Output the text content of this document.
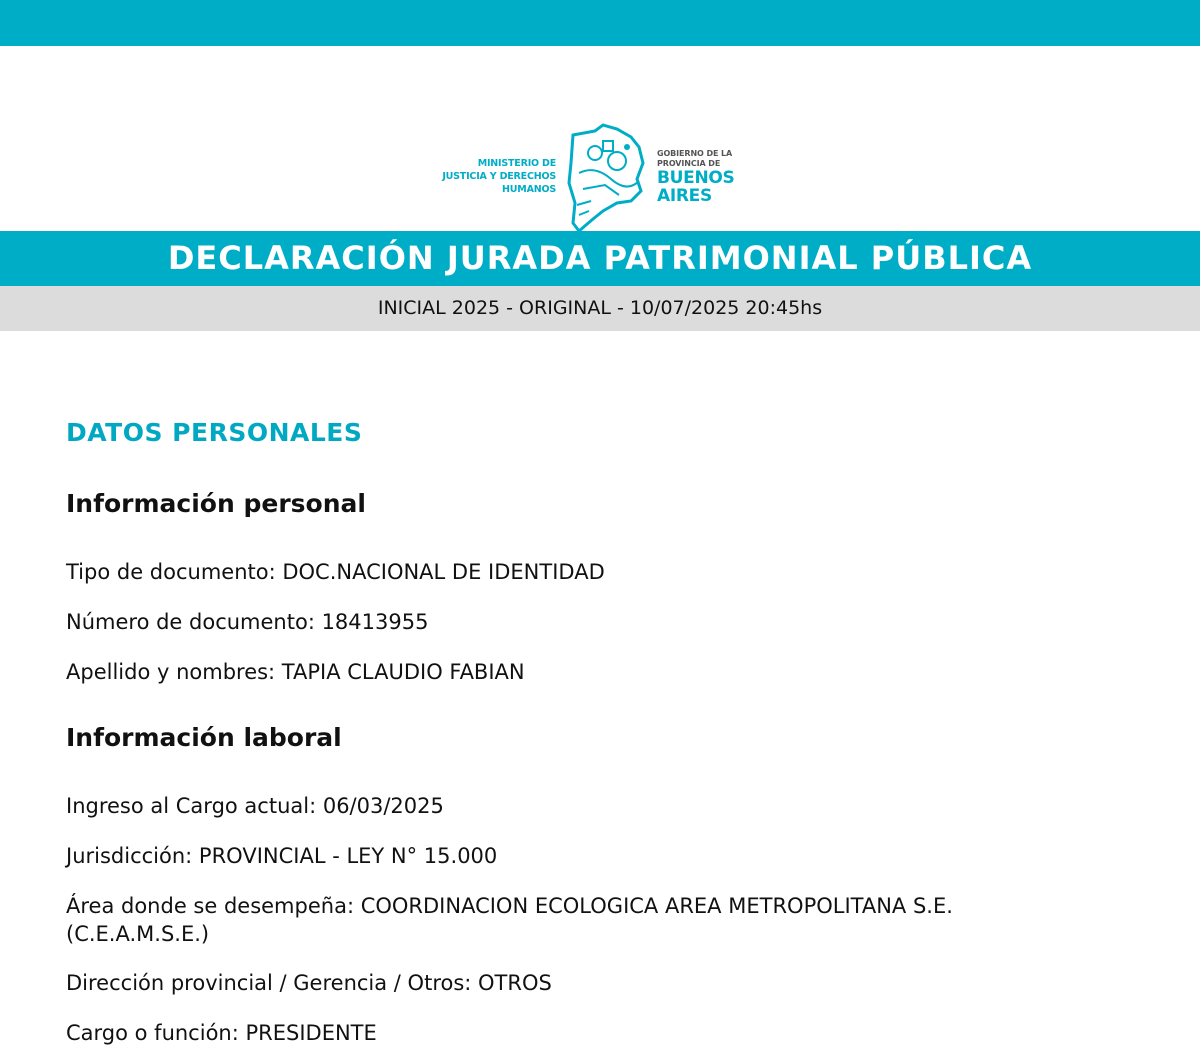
MINISTERIO DE
JUSTICIA Y DERECHOS
HUMANOS
GOBIERNO DE LA
PROVINCIA DE
BUENOS
AIRES
DECLARACIÓN JURADA PATRIMONIAL PÚBLICA
INICIAL 2025 - ORIGINAL - 10/07/2025 20:45hs
DATOS PERSONALES
Información personal
Tipo de documento: DOC.NACIONAL DE IDENTIDAD
Número de documento: 18413955
Apellido y nombres: TAPIA CLAUDIO FABIAN
Información laboral
Ingreso al Cargo actual: 06/03/2025
Jurisdicción: PROVINCIAL - LEY N° 15.000
Área donde se desempeña: COORDINACION ECOLOGICA AREA METROPOLITANA S.E. (C.E.A.M.S.E.)
Dirección provincial / Gerencia / Otros: OTROS
Cargo o función: PRESIDENTE
